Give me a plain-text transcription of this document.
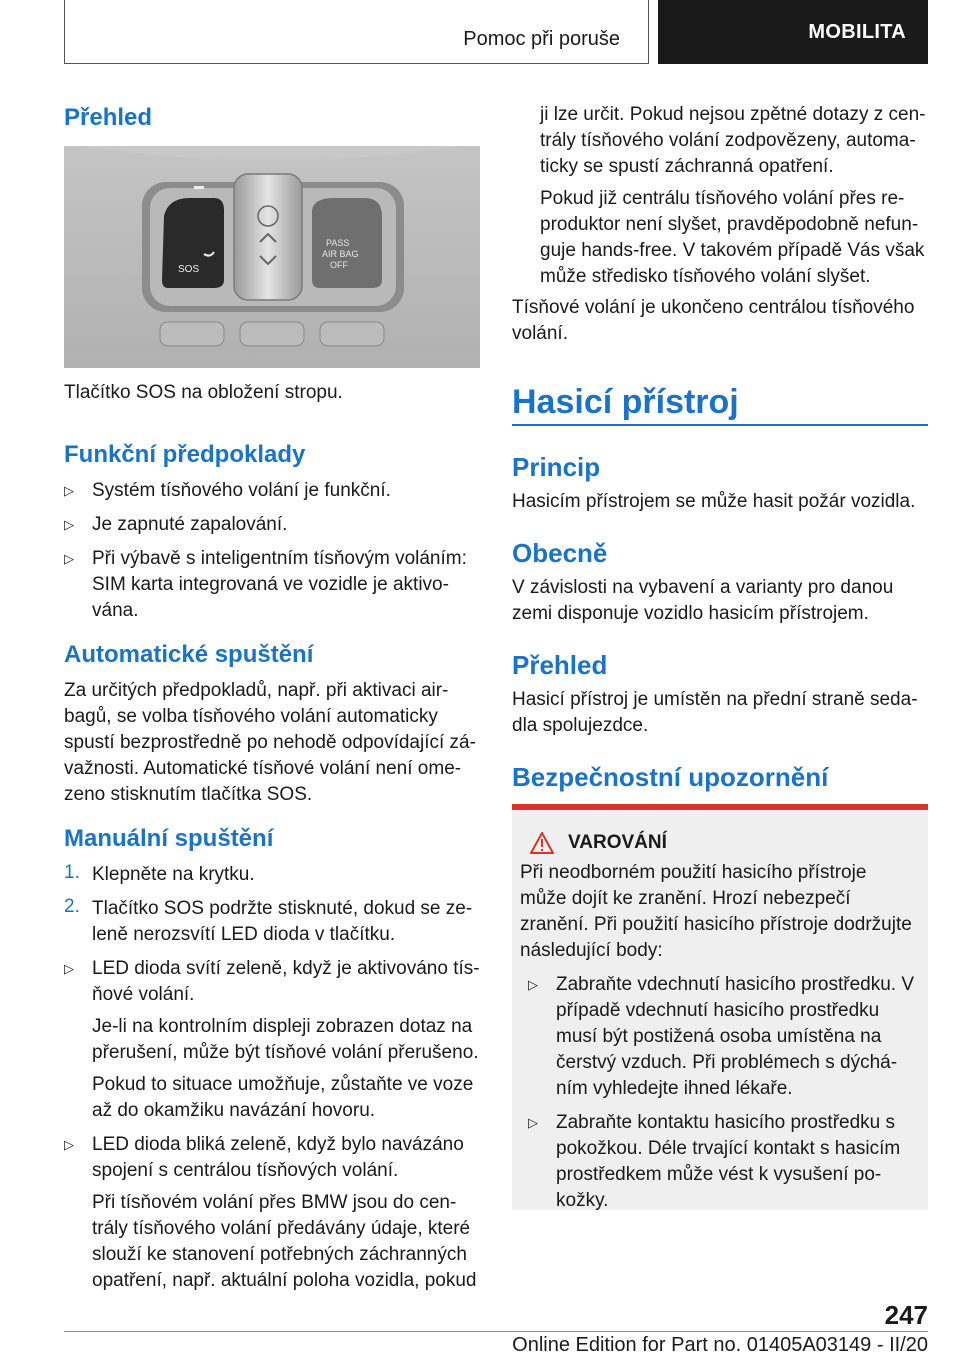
Pomoc při poruše	MOBILITA
Přehled
SOS
PASS
AIR BAG
OFF

Tlačítko SOS na obložení stropu.

Funkční předpoklady
▷ Systém tísňového volání je funkční.

▷ Je zapnuté zapalování.

▷ Při výbavě s inteligentním tísňovým voláním: SIM karta integrovaná ve vozidle je aktivo- vána.

Automatické spuštění

Za určitých předpokladů, např. při aktivaci air- bagů, se volba tísňového volání automaticky spustí bezprostředně po nehodě odpovídající zá- važnosti. Automatické tísňové volání není ome- zeno stisknutím tlačítka SOS.

Manuální spuštění
1. Klepněte na krytku.

2. Tlačítko SOS podržte stisknuté, dokud se ze- leně nerozsvítí LED dioda v tlačítku.

▷ LED dioda svítí zeleně, když je aktivováno tís- ňové volání.

Je-li na kontrolním displeji zobrazen dotaz na přerušení, může být tísňové volání přerušeno.

Pokud to situace umožňuje, zůstaňte ve voze až do okamžiku navázání hovoru.

▷ LED dioda bliká zeleně, když bylo navázáno spojení s centrálou tísňových volání.

Při tísňovém volání přes BMW jsou do cen- trály tísňového volání předávány údaje, které slouží ke stanovení potřebných záchranných opatření, např. aktuální poloha vozidla, pokud

ji lze určit. Pokud nejsou zpětné dotazy z cen- trály tísňového volání zodpovězeny, automa- ticky se spustí záchranná opatření.

Pokud již centrálu tísňového volání přes re- produktor není slyšet, pravděpodobně nefun- guje hands-free. V takovém případě Vás však může středisko tísňového volání slyšet.

Tísňové volání je ukončeno centrálou tísňového volání.

Hasicí přístroj
Princip

Hasicím přístrojem se může hasit požár vozidla.

Obecně

V závislosti na vybavení a varianty pro danou zemi disponuje vozidlo hasicím přístrojem.

Přehled

Hasicí přístroj je umístěn na přední straně seda- dla spolujezdce.

Bezpečnostní upozornění
VAROVÁNÍ

Při neodborném použití hasicího přístroje může dojít ke zranění. Hrozí nebezpečí zranění. Při použití hasicího přístroje dodržujte následující body:

▷ Zabraňte vdechnutí hasicího prostředku. V případě vdechnutí hasicího prostředku musí být postižená osoba umístěna na čerstvý vzduch. Při problémech s dýchá- ním vyhledejte ihned lékaře.

▷ Zabraňte kontaktu hasicího prostředku s pokožkou. Déle trvající kontakt s hasicím prostředkem může vést k vysušení po- kožky.

247
Online Edition for Part no. 01405A03149 - II/20
